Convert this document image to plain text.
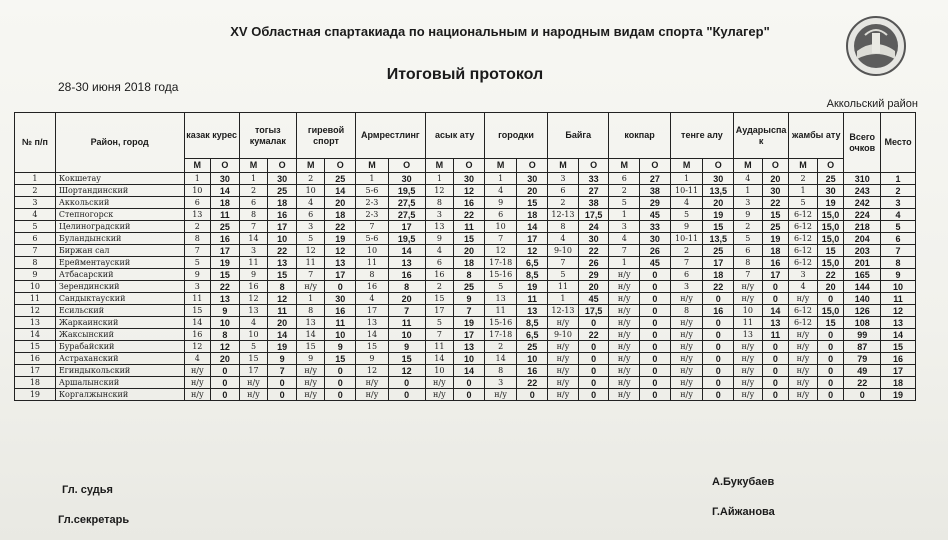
XV Областная спартакиада по национальным и народным видам спорта "Кулагер"
Итоговый протокол
28-30 июня 2018 года
Аккольский район
№ п/п	Район, город	казак курес		тогыз кумалак		гиревой спорт		Армрестлинг		асык ату		городки		Байга		кокпар		тенге алу		Аударыспа к		жамбы ату		Всего очков	Место
		М	О	М	О	М	О	М	О	М	О	М	О	М	О	М	О	М	О	М	О	М	О		
1	Кокшетау	1	30	1	30	2	25	1	30	1	30	1	30	3	33	6	27	1	30	4	20	2	25	310	1
2	Шортандинский	10	14	2	25	10	14	5-6	19,5	12	12	4	20	6	27	2	38	10-11	13,5	1	30	1	30	243	2
3	Аккольский	6	18	6	18	4	20	2-3	27,5	8	16	9	15	2	38	5	29	4	20	3	22	5	19	242	3
4	Степногорск	13	11	8	16	6	18	2-3	27,5	3	22	6	18	12-13	17,5	1	45	5	19	9	15	6-12	15,0	224	4
5	Целиноградский	2	25	7	17	3	22	7	17	13	11	10	14	8	24	3	33	9	15	2	25	6-12	15,0	218	5
6	Буландынский	8	16	14	10	5	19	5-6	19,5	9	15	7	17	4	30	4	30	10-11	13,5	5	19	6-12	15,0	204	6
7	Биржан сал	7	17	3	22	12	12	10	14	4	20	12	12	9-10	22	7	26	2	25	6	18	6-12	15	203	7
8	Ерейментауский	5	19	11	13	11	13	11	13	6	18	17-18	6,5	7	26	1	45	7	17	8	16	6-12	15,0	201	8
9	Атбасарский	9	15	9	15	7	17	8	16	16	8	15-16	8,5	5	29	н/у	0	6	18	7	17	3	22	165	9
10	Зерендинский	3	22	16	8	н/у	0	16	8	2	25	5	19	11	20	н/у	0	3	22	н/у	0	4	20	144	10
11	Сандыктауский	11	13	12	12	1	30	4	20	15	9	13	11	1	45	н/у	0	н/у	0	н/у	0	н/у	0	140	11
12	Есильский	15	9	13	11	8	16	17	7	17	7	11	13	12-13	17,5	н/у	0	8	16	10	14	6-12	15,0	126	12
13	Жаркаинский	14	10	4	20	13	11	13	11	5	19	15-16	8,5	н/у	0	н/у	0	н/у	0	11	13	6-12	15	108	13
14	Жаксынский	16	8	10	14	14	10	14	10	7	17	17-18	6,5	9-10	22	н/у	0	н/у	0	13	11	н/у	0	99	14
15	Бурабайский	12	12	5	19	15	9	15	9	11	13	2	25	н/у	0	н/у	0	н/у	0	н/у	0	н/у	0	87	15
16	Астраханский	4	20	15	9	9	15	9	15	14	10	14	10	н/у	0	н/у	0	н/у	0	н/у	0	н/у	0	79	16
17	Егиндыкольский	н/у	0	17	7	н/у	0	12	12	10	14	8	16	н/у	0	н/у	0	н/у	0	н/у	0	н/у	0	49	17
18	Аршалынский	н/у	0	н/у	0	н/у	0	н/у	0	н/у	0	3	22	н/у	0	н/у	0	н/у	0	н/у	0	н/у	0	22	18
19	Коргалжынский	н/у	0	н/у	0	н/у	0	н/у	0	н/у	0	н/у	0	н/у	0	н/у	0	н/у	0	н/у	0	н/у	0	0	19
Гл. судья
А.Букубаев
Гл.секретарь
Г.Айжанова
